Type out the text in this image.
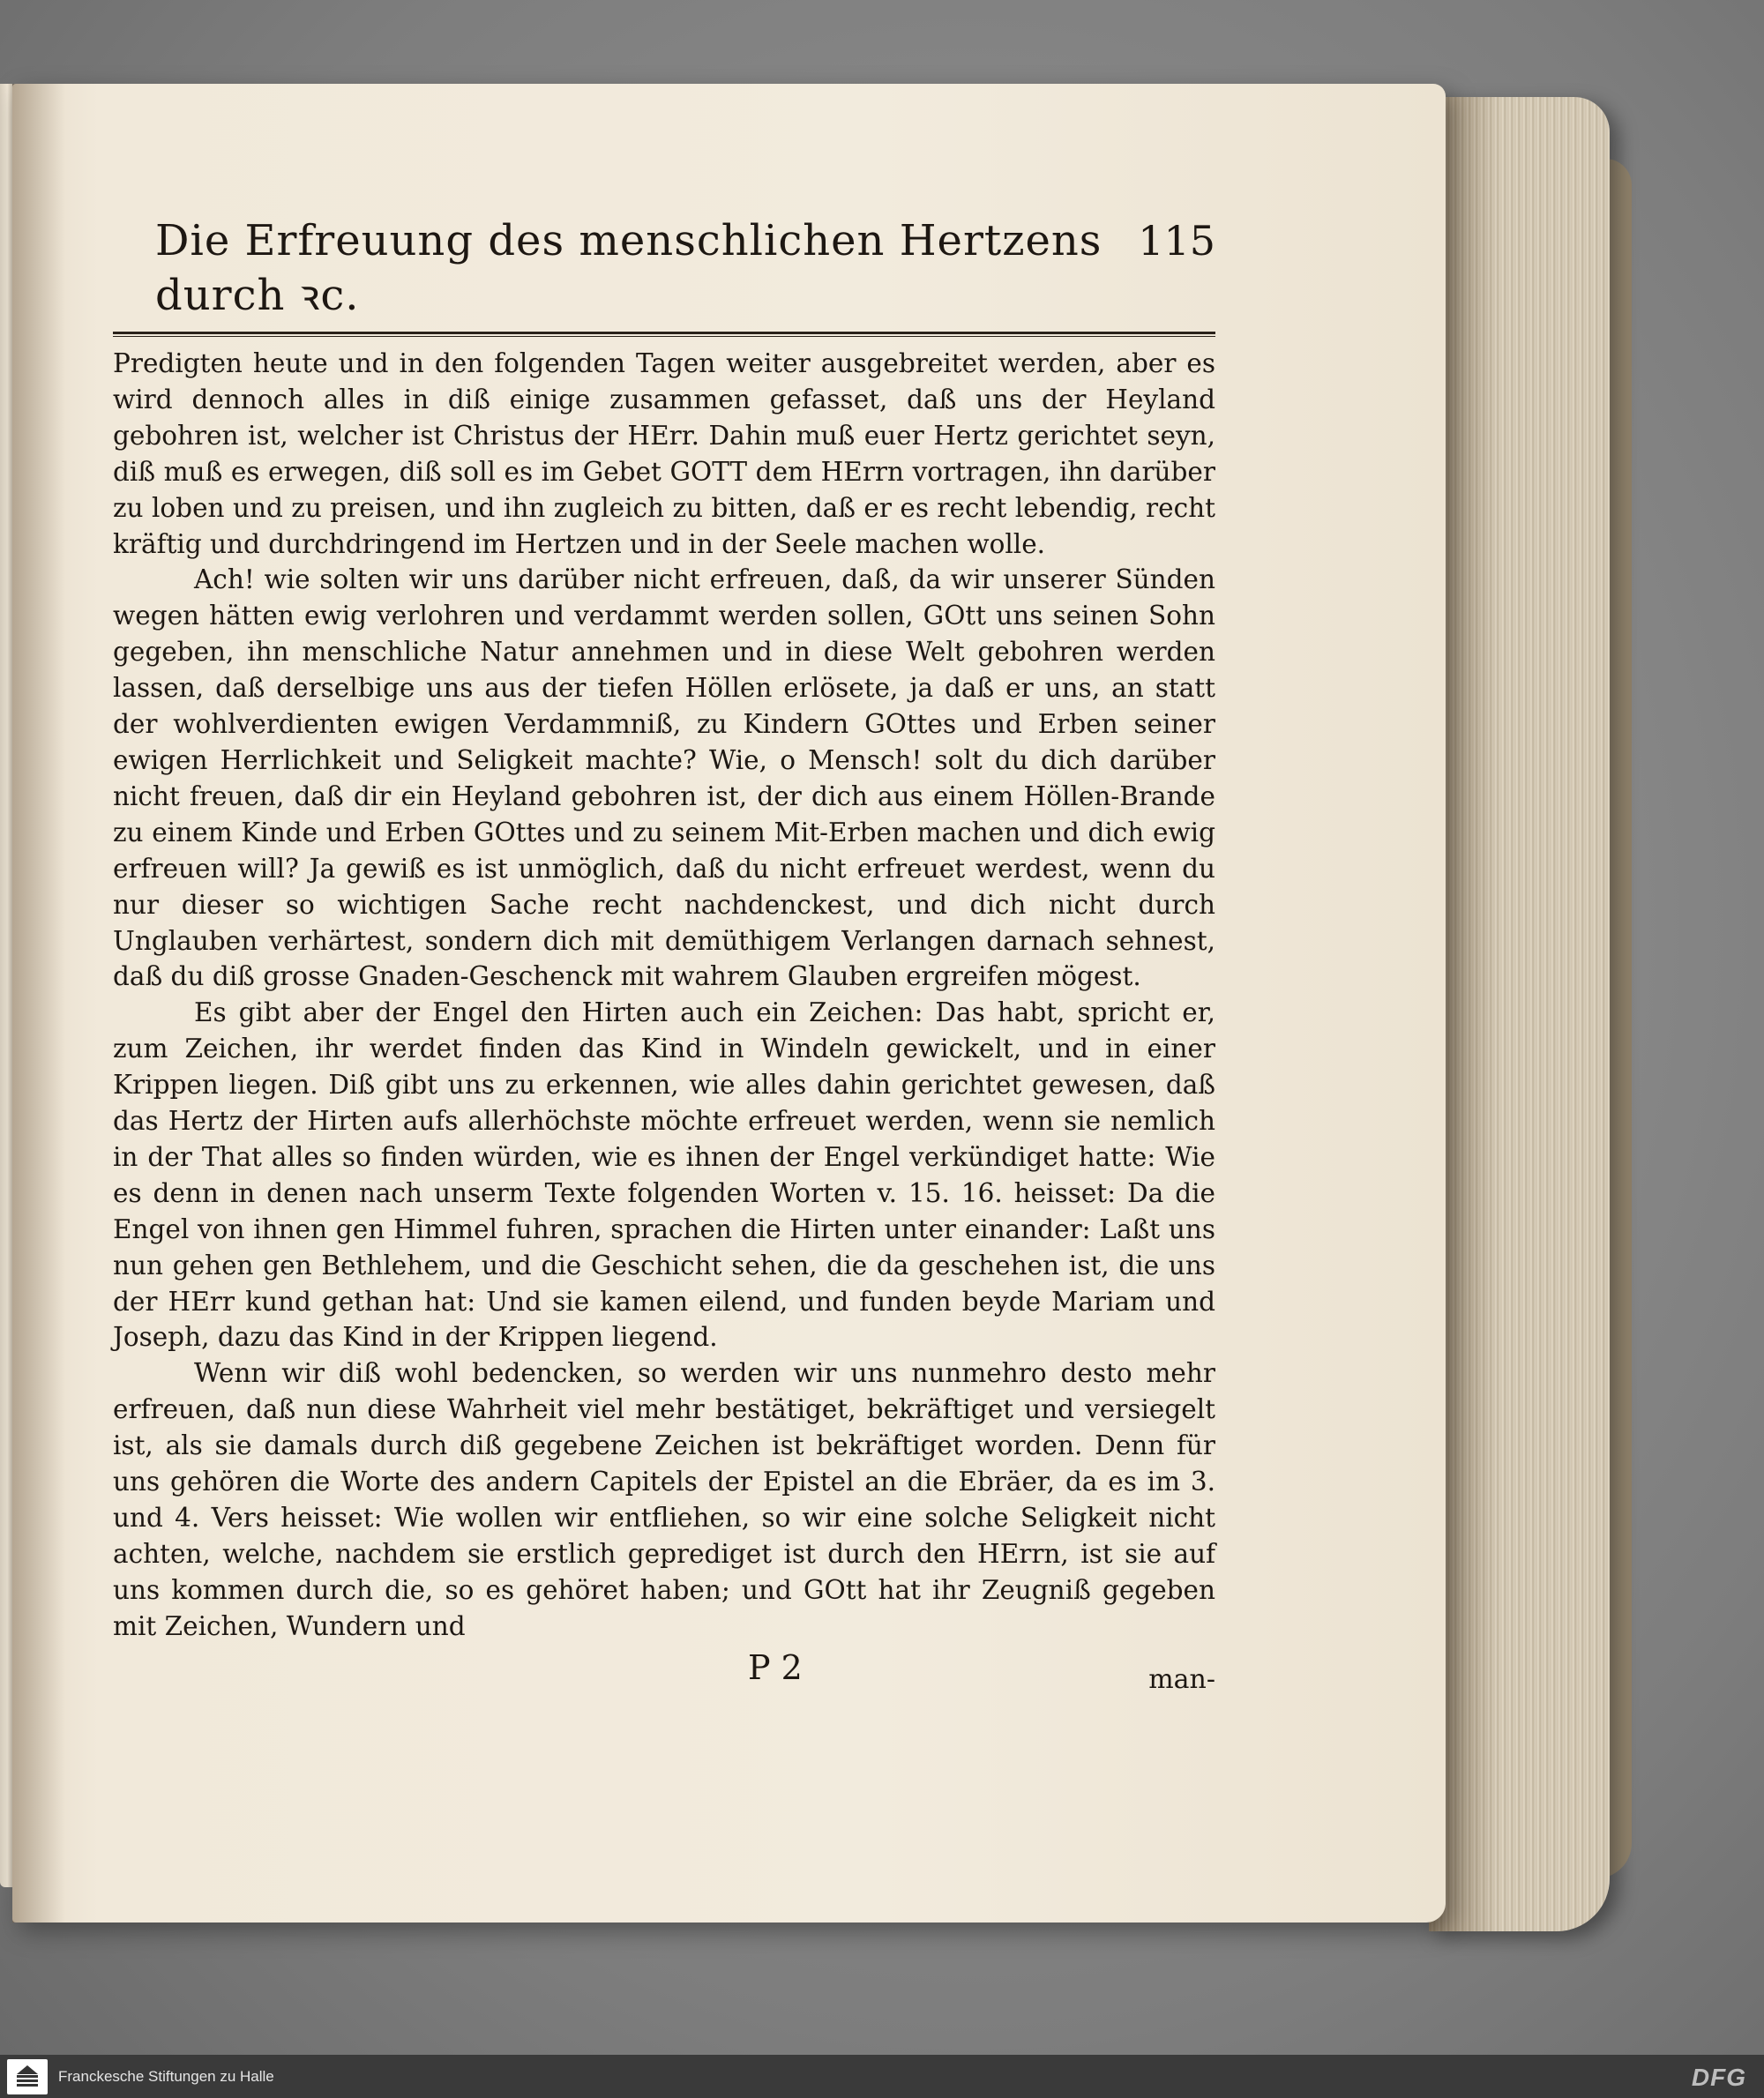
Die Erfreuung des menschlichen Hertzens durch ꝛc.
115

Predigten heute und in den folgenden Tagen weiter ausgebreitet werden, aber es wird dennoch alles in diß einige zusammen gefasset, daß uns der Heyland gebohren ist, welcher ist Christus der HErr. Dahin muß euer Hertz gerichtet seyn, diß muß es erwegen, diß soll es im Gebet GOTT dem HErrn vortragen, ihn darüber zu loben und zu preisen, und ihn zugleich zu bitten, daß er es recht lebendig, recht kräftig und durchdringend im Hertzen und in der Seele machen wolle.

Ach! wie solten wir uns darüber nicht erfreuen, daß, da wir unserer Sünden wegen hätten ewig verlohren und verdammt werden sollen, GOtt uns seinen Sohn gegeben, ihn menschliche Natur annehmen und in diese Welt gebohren werden lassen, daß derselbige uns aus der tiefen Höllen erlösete, ja daß er uns, an statt der wohlverdienten ewigen Verdammniß, zu Kindern GOttes und Erben seiner ewigen Herrlichkeit und Seligkeit machte? Wie, o Mensch! solt du dich darüber nicht freuen, daß dir ein Heyland gebohren ist, der dich aus einem Höllen-Brande zu einem Kinde und Erben GOttes und zu seinem Mit-Erben machen und dich ewig erfreuen will? Ja gewiß es ist unmöglich, daß du nicht erfreuet werdest, wenn du nur dieser so wichtigen Sache recht nachdenckest, und dich nicht durch Unglauben verhärtest, sondern dich mit demüthigem Verlangen darnach sehnest, daß du diß grosse Gnaden-Geschenck mit wahrem Glauben ergreifen mögest.

Es gibt aber der Engel den Hirten auch ein Zeichen: Das habt, spricht er, zum Zeichen, ihr werdet finden das Kind in Windeln gewickelt, und in einer Krippen liegen. Diß gibt uns zu erkennen, wie alles dahin gerichtet gewesen, daß das Hertz der Hirten aufs allerhöchste möchte erfreuet werden, wenn sie nemlich in der That alles so finden würden, wie es ihnen der Engel verkündiget hatte: Wie es denn in denen nach unserm Texte folgenden Worten v. 15. 16. heisset: Da die Engel von ihnen gen Himmel fuhren, sprachen die Hirten unter einander: Laßt uns nun gehen gen Bethlehem, und die Geschicht sehen, die da geschehen ist, die uns der HErr kund gethan hat: Und sie kamen eilend, und funden beyde Mariam und Joseph, dazu das Kind in der Krippen liegend.

Wenn wir diß wohl bedencken, so werden wir uns nunmehro desto mehr erfreuen, daß nun diese Wahrheit viel mehr bestätiget, bekräftiget und versiegelt ist, als sie damals durch diß gegebene Zeichen ist bekräftiget worden. Denn für uns gehören die Worte des andern Capitels der Epistel an die Ebräer, da es im 3. und 4. Vers heisset: Wie wollen wir entfliehen, so wir eine solche Seligkeit nicht achten, welche, nachdem sie erstlich geprediget ist durch den HErrn, ist sie auf uns kommen durch die, so es gehöret haben; und GOtt hat ihr Zeugniß gegeben mit Zeichen, Wundern und

P 2	man-
Franckesche Stiftungen zu Halle	DFG
